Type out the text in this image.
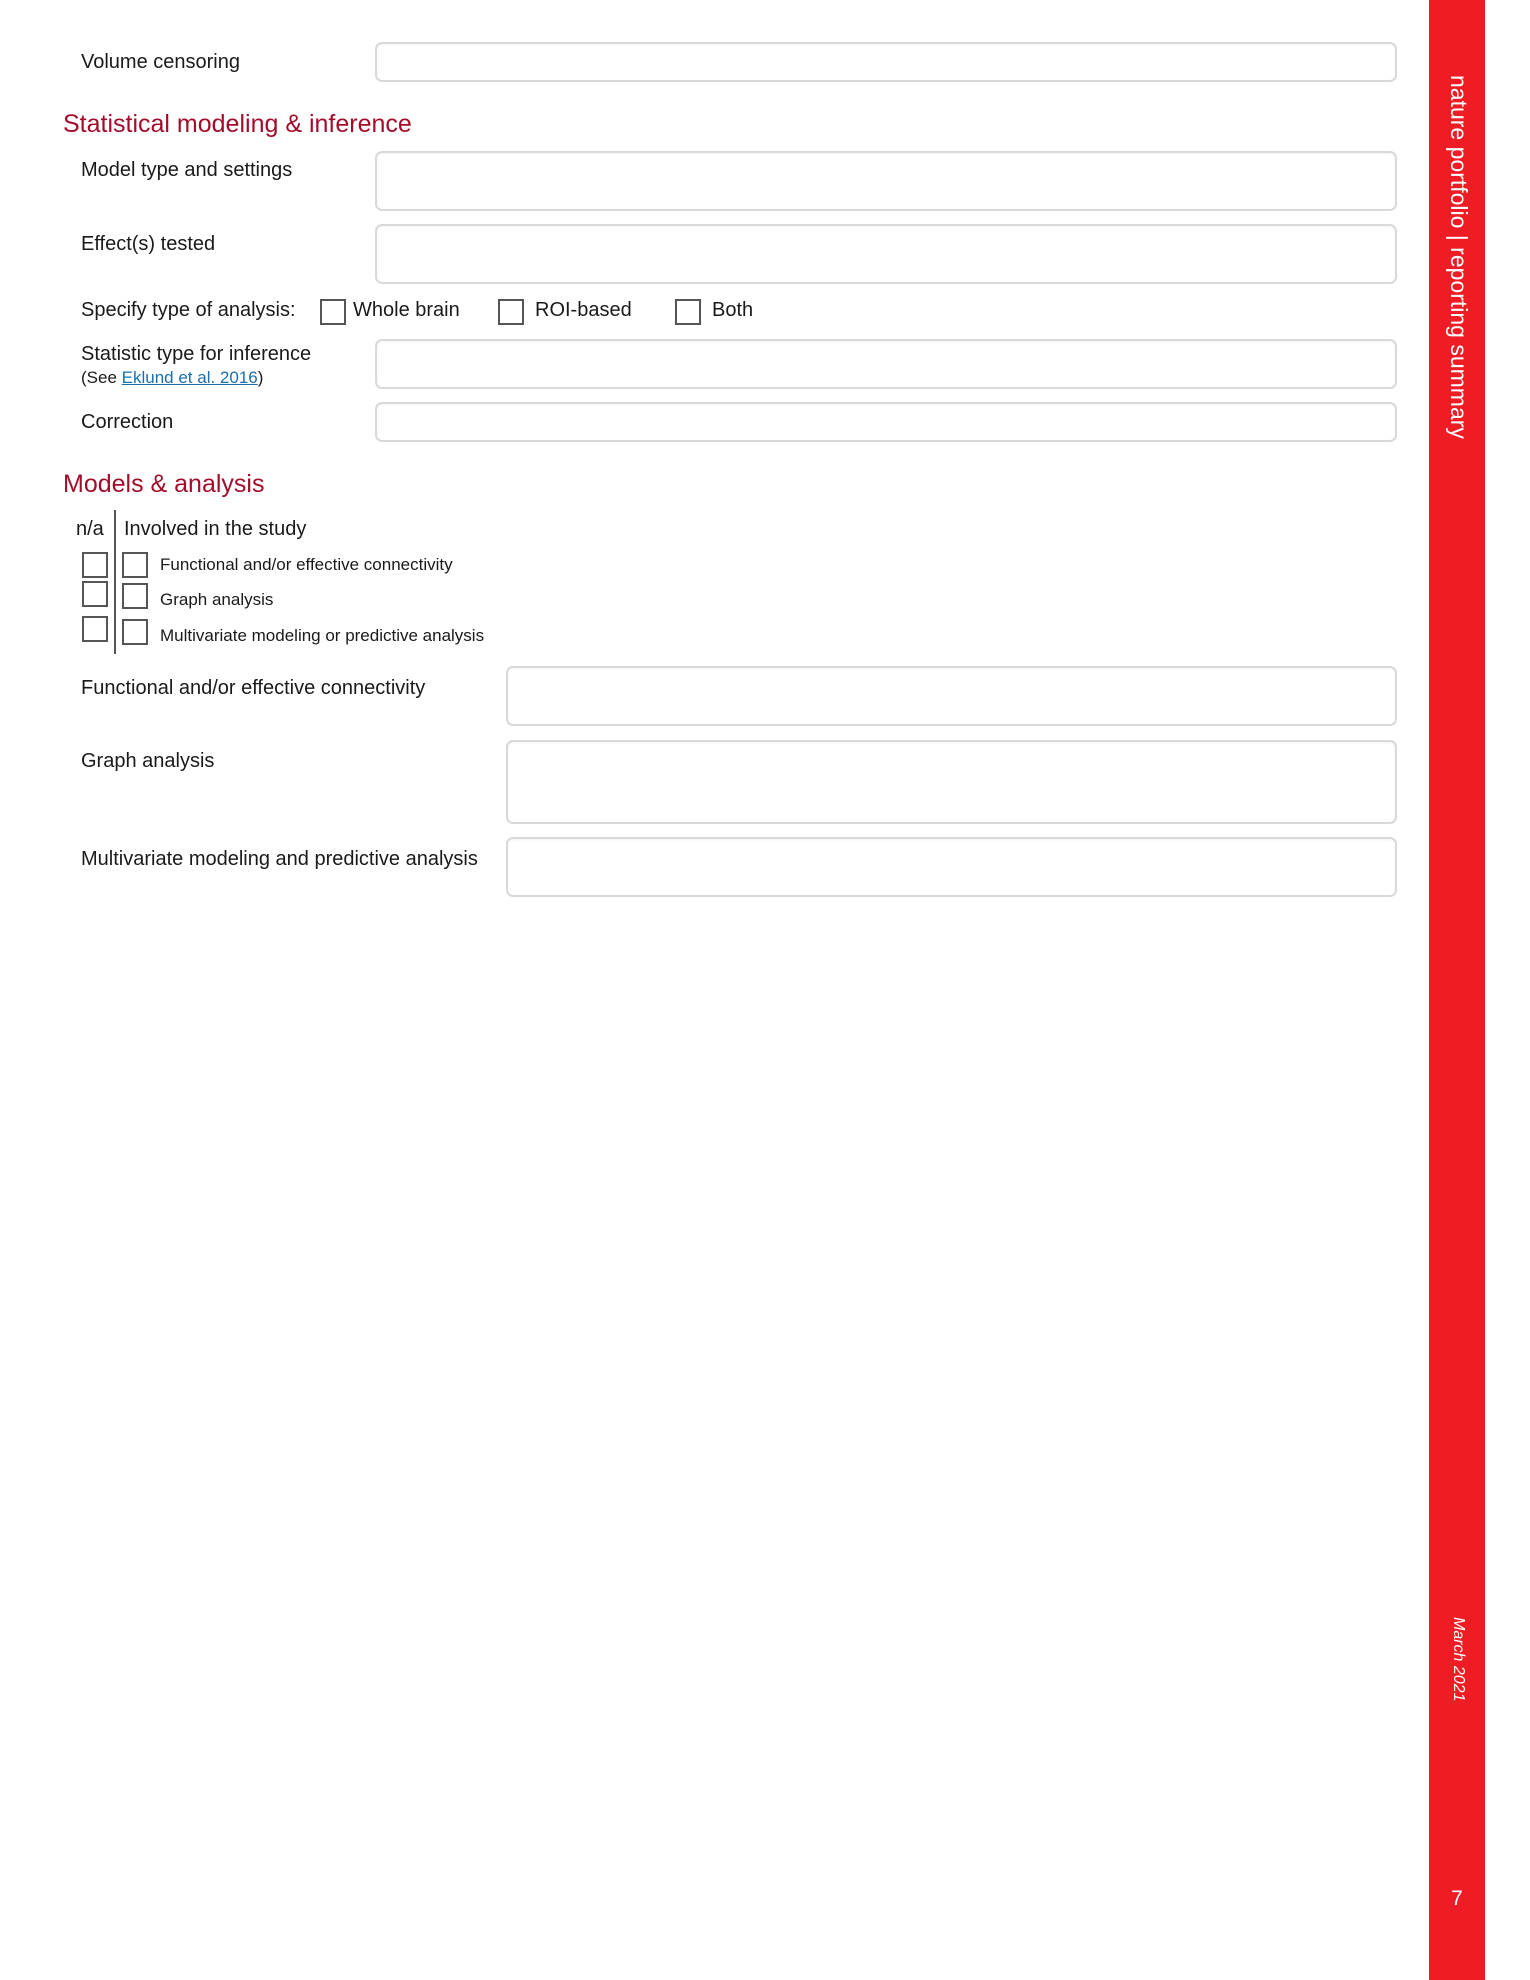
Volume censoring
Statistical modeling & inference
Model type and settings
Effect(s) tested
Specify type of analysis:	Whole brain	ROI-based	Both
Statistic type for inference
(See Eklund et al. 2016)
Correction
Models & analysis
n/a Involved in the study
Functional and/or effective connectivity
Graph analysis
Multivariate modeling or predictive analysis
Functional and/or effective connectivity
Graph analysis
Multivariate modeling and predictive analysis
nature portfolio | reporting summary
March 2021
7
